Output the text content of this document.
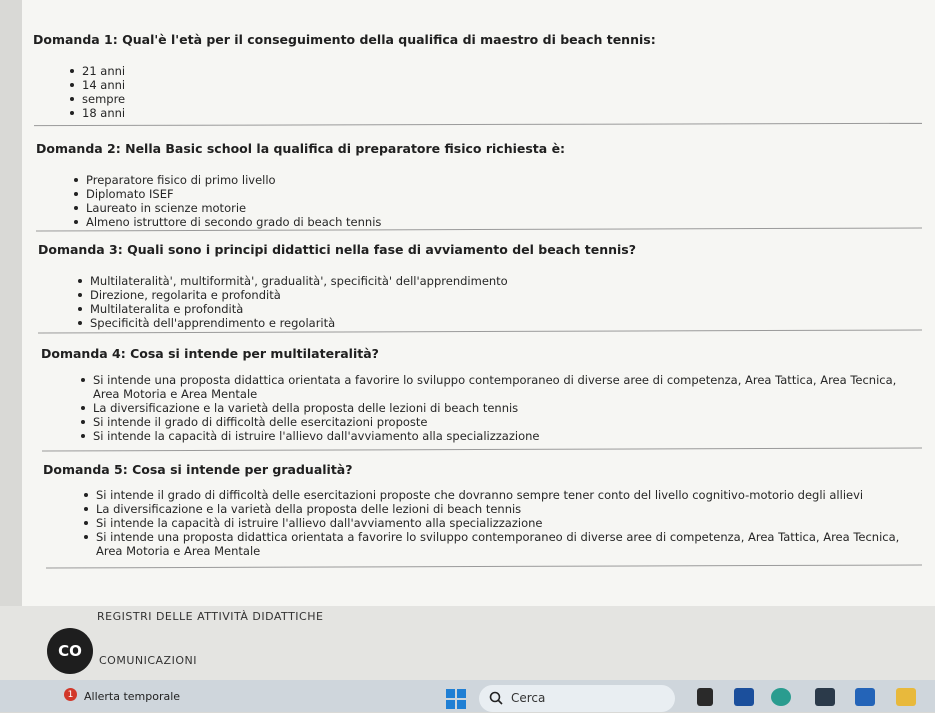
Domanda 1: Qual'è l'età per il conseguimento della qualifica di maestro di beach tennis:
21 anni
14 anni
sempre
18 anni
Domanda 2: Nella Basic school la qualifica di preparatore fisico richiesta è:
Preparatore fisico di primo livello
Diplomato ISEF
Laureato in scienze motorie
Almeno istruttore di secondo grado di beach tennis
Domanda 3: Quali sono i principi didattici nella fase di avviamento del beach tennis?
Multilateralità', multiformità', gradualità', specificità' dell'apprendimento
Direzione, regolarita e profondità
Multilateralita e profondità
Specificità dell'apprendimento e regolarità
Domanda 4: Cosa si intende per multilateralità?
Si intende una proposta didattica orientata a favorire lo sviluppo contemporaneo di diverse aree di competenza, Area Tattica, Area Tecnica, Area Motoria e Area Mentale
La diversificazione e la varietà della proposta delle lezioni di beach tennis
Si intende il grado di difficoltà delle esercitazioni proposte
Si intende la capacità di istruire l'allievo dall'avviamento alla specializzazione
Domanda 5: Cosa si intende per gradualità?
Si intende il grado di difficoltà delle esercitazioni proposte che dovranno sempre tener conto del livello cognitivo-motorio degli allievi
La diversificazione e la varietà della proposta delle lezioni di beach tennis
Si intende la capacità di istruire l'allievo dall'avviamento alla specializzazione
Si intende una proposta didattica orientata a favorire lo sviluppo contemporaneo di diverse aree di competenza, Area Tattica, Area Tecnica, Area Motoria e Area Mentale
REGISTRI DELLE ATTIVITÀ DIDATTICHE
CO
COMUNICAZIONI
1 Allerta temporale	Cerca
